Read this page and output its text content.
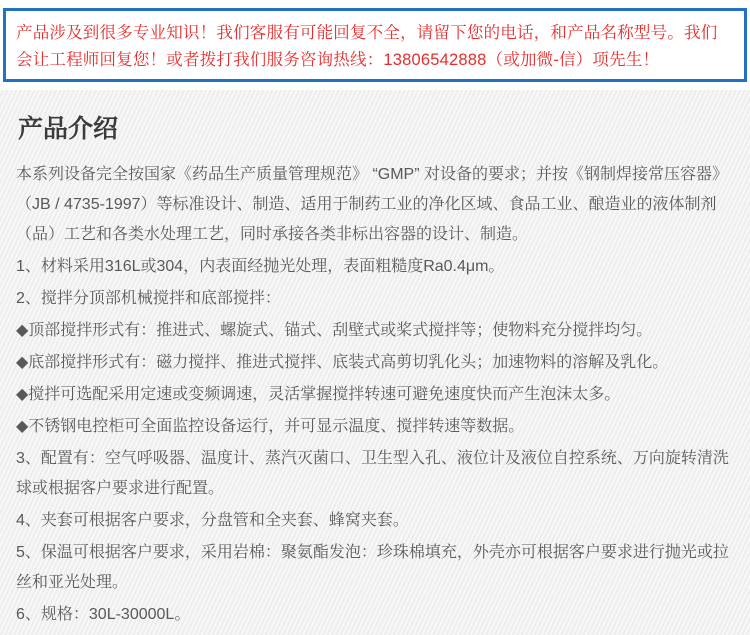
产品涉及到很多专业知识！我们客服有可能回复不全，请留下您的电话，和产品名称型号。我们会让工程师回复您！或者拨打我们服务咨询热线：13806542888（或加微-信）项先生！

产品介绍

本系列设备完全按国家《药品生产质量管理规范》 “GMP” 对设备的要求；并按《钢制焊接常压容器》（JB / 4735-1997）等标准设计、制造、适用于制药工业的净化区域、食品工业、酿造业的液体制剂（品）工艺和各类水处理工艺，同时承接各类非标出容器的设计、制造。

1、材料采用316L或304，内表面经抛光处理，表面粗糙度Ra0.4μm。

2、搅拌分顶部机械搅拌和底部搅拌：

◆顶部搅拌形式有：推进式、螺旋式、锚式、刮壁式或桨式搅拌等；使物料充分搅拌均匀。

◆底部搅拌形式有：磁力搅拌、推进式搅拌、底装式高剪切乳化头；加速物料的溶解及乳化。

◆搅拌可选配采用定速或变频调速，灵活掌握搅拌转速可避免速度快而产生泡沫太多。

◆不锈钢电控柜可全面监控设备运行，并可显示温度、搅拌转速等数据。

3、配置有：空气呼吸器、温度计、蒸汽灭菌口、卫生型入孔、液位计及液位自控系统、万向旋转清洗球或根据客户要求进行配置。

4、夹套可根据客户要求，分盘管和全夹套、蜂窝夹套。

5、保温可根据客户要求，采用岩棉：聚氨酯发泡：珍珠棉填充，外壳亦可根据客户要求进行抛光或拉丝和亚光处理。

6、规格：30L-30000L。
